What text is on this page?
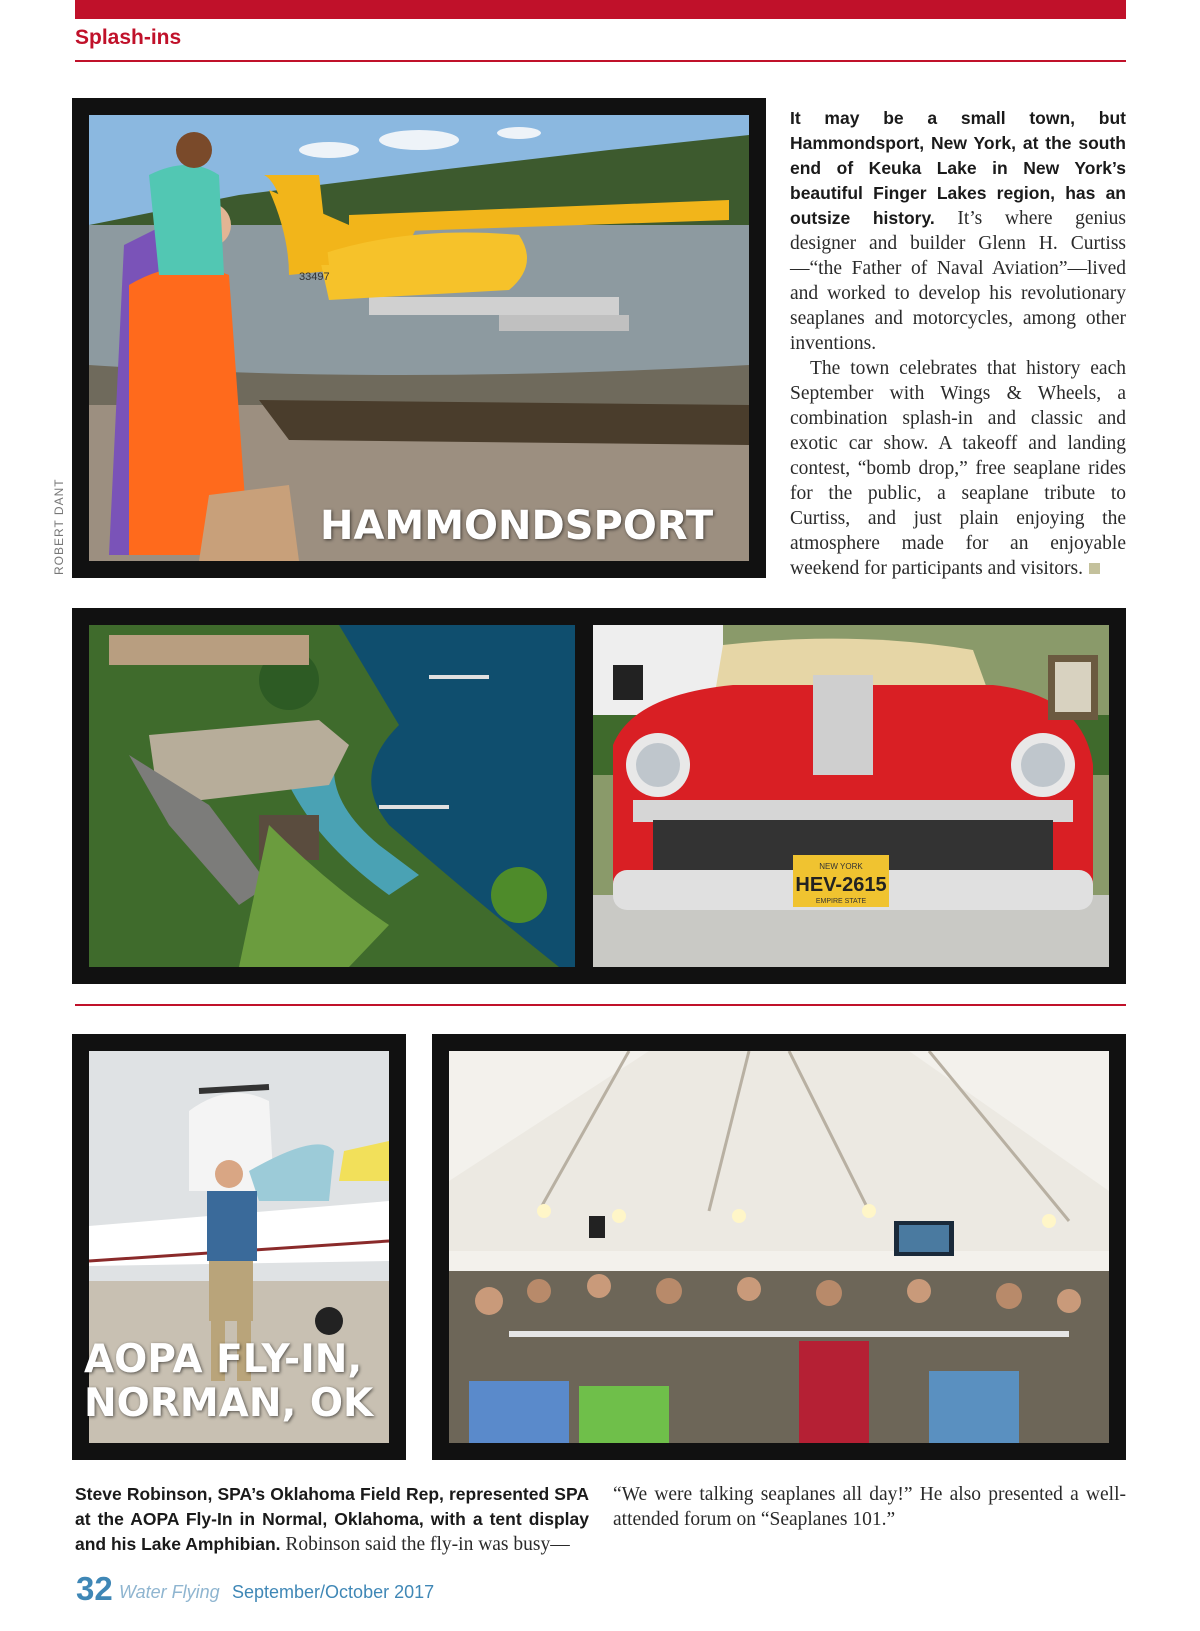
Splash-ins
ROBERT DANT
33497
HAMMONDSPORT
It may be a small town, but Hammondsport, New York, at the south end of Keuka Lake in New York’s beautiful Finger Lakes region, has an outsize history. It’s where genius designer and builder Glenn H. Curtiss—“the Father of Naval Aviation”—lived and worked to develop his revolutionary seaplanes and motorcycles, among other inventions.
The town celebrates that history each September with Wings & Wheels, a combination splash-in and classic and exotic car show. A takeoff and landing contest, “bomb drop,” free seaplane rides for the public, a seaplane tribute to Curtiss, and just plain enjoying the atmosphere made for an enjoyable weekend for participants and visitors.
NEW YORK
HEV-2615
EMPIRE STATE
AOPA FLY-IN,
NORMAN, OK
Steve Robinson, SPA’s Oklahoma Field Rep, represented SPA at the AOPA Fly-In in Normal, Oklahoma, with a tent display and his Lake Amphibian. Robinson said the fly-in was busy—
“We were talking seaplanes all day!” He also presented a well-attended forum on “Seaplanes 101.”
32 Water Flying September/October 2017
